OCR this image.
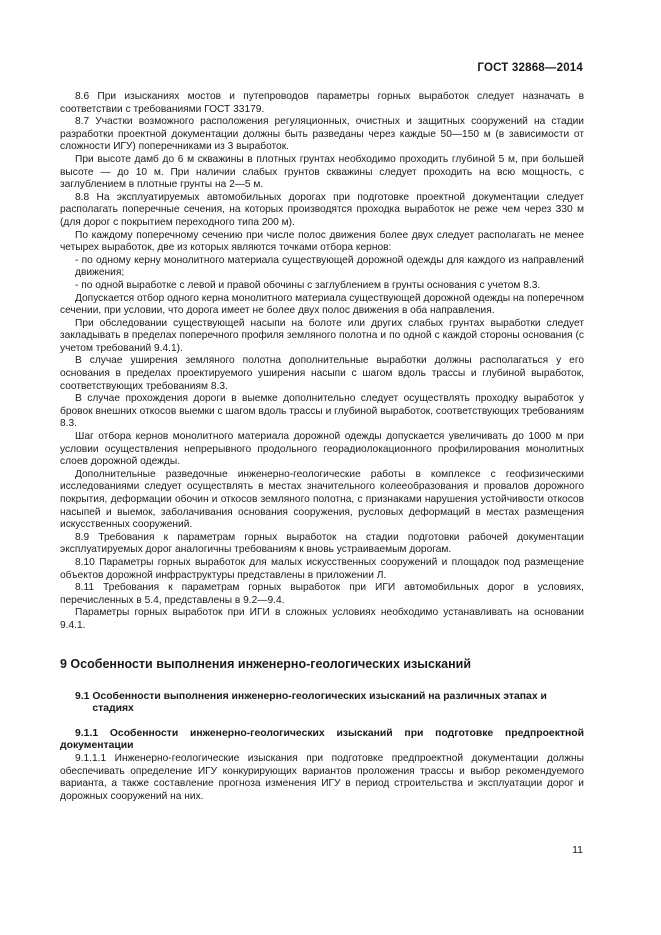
ГОСТ 32868—2014

8.6 При изысканиях мостов и путепроводов параметры горных выработок следует назначать в соответствии с требованиями ГОСТ 33179.

8.7 Участки возможного расположения регуляционных, очистных и защитных сооружений на стадии разработки проектной документации должны быть разведаны через каждые 50—150 м (в зависимости от сложности ИГУ) поперечниками из 3 выработок.

При высоте дамб до 6 м скважины в плотных грунтах необходимо проходить глубиной 5 м, при большей высоте — до 10 м. При наличии слабых грунтов скважины следует проходить на всю мощность, с заглублением в плотные грунты на 2—5 м.

8.8 На эксплуатируемых автомобильных дорогах при подготовке проектной документации следует располагать поперечные сечения, на которых производятся проходка выработок не реже чем через 330 м (для дорог с покрытием переходного типа 200 м).

По каждому поперечному сечению при числе полос движения более двух следует располагать не менее четырех выработок, две из которых являются точками отбора кернов:

- по одному керну монолитного материала существующей дорожной одежды для каждого из направлений движения;

- по одной выработке с левой и правой обочины с заглублением в грунты основания с учетом 8.3.

Допускается отбор одного керна монолитного материала существующей дорожной одежды на поперечном сечении, при условии, что дорога имеет не более двух полос движения в оба направления.

При обследовании существующей насыпи на болоте или других слабых грунтах выработки следует закладывать в пределах поперечного профиля земляного полотна и по одной с каждой стороны основания (с учетом требований 9.4.1).

В случае уширения земляного полотна дополнительные выработки должны располагаться у его основания в пределах проектируемого уширения насыпи с шагом вдоль трассы и глубиной выработок, соответствующих требованиям 8.3.

В случае прохождения дороги в выемке дополнительно следует осуществлять проходку выработок у бровок внешних откосов выемки с шагом вдоль трассы и глубиной выработок, соответствующих требованиям 8.3.

Шаг отбора кернов монолитного материала дорожной одежды допускается увеличивать до 1000 м при условии осуществления непрерывного продольного георадиолокационного профилирования монолитных слоев дорожной одежды.

Дополнительные разведочные инженерно-геологические работы в комплексе с геофизическими исследованиями следует осуществлять в местах значительного колееобразования и провалов дорожного покрытия, деформации обочин и откосов земляного полотна, с признаками нарушения устойчивости откосов насыпей и выемок, заболачивания основания сооружения, русловых деформаций в местах размещения искусственных сооружений.

8.9 Требования к параметрам горных выработок на стадии подготовки рабочей документации эксплуатируемых дорог аналогичны требованиям к вновь устраиваемым дорогам.

8.10 Параметры горных выработок для малых искусственных сооружений и площадок под размещение объектов дорожной инфраструктуры представлены в приложении Л.

8.11 Требования к параметрам горных выработок при ИГИ автомобильных дорог в условиях, перечисленных в 5.4, представлены в 9.2—9.4.

Параметры горных выработок при ИГИ в сложных условиях необходимо устанавливать на основании 9.4.1.

9 Особенности выполнения инженерно-геологических изысканий
9.1 Особенности выполнения инженерно-геологических изысканий на различных этапах и стадиях

9.1.1 Особенности инженерно-геологических изысканий при подготовке предпроектной документации

9.1.1.1 Инженерно-геологические изыскания при подготовке предпроектной документации должны обеспечивать определение ИГУ конкурирующих вариантов проложения трассы и выбор рекомендуемого варианта, а также составление прогноза изменения ИГУ в период строительства и эксплуатации дорог и дорожных сооружений на них.

11
